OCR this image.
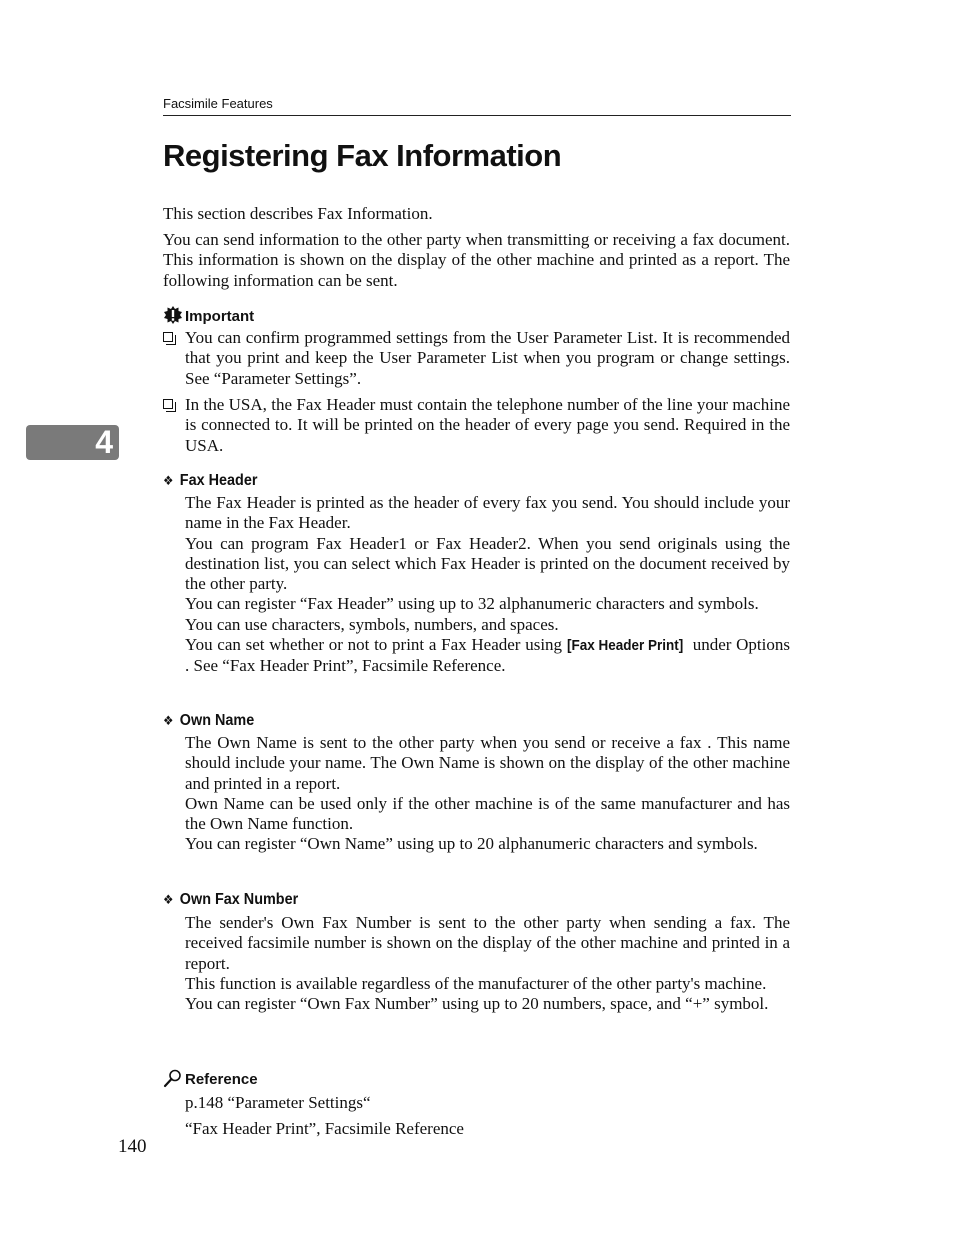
Facsimile Features
Registering Fax Information

This section describes Fax Information.

You can send information to the other party when transmitting or receiving a fax document. This information is shown on the display of the other machine and printed as a report. The following information can be sent.

Important
You can confirm programmed settings from the User Parameter List. It is recommended that you print and keep the User Parameter List when you program or change settings. See “Parameter Settings”.
In the USA, the Fax Header must contain the telephone number of the line your machine is connected to. It will be printed on the header of every page you send. Required in the USA.
4
❖ Fax Header

The Fax Header is printed as the header of every fax you send. You should include your name in the Fax Header.

You can program Fax Header1 or Fax Header2. When you send originals using the destination list, you can select which Fax Header is printed on the document received by the other party.

You can register “Fax Header” using up to 32 alphanumeric characters and symbols.

You can use characters, symbols, numbers, and spaces.

You can set whether or not to print a Fax Header using [Fax Header Print] under Options . See “Fax Header Print”, Facsimile Reference.

❖ Own Name

The Own Name is sent to the other party when you send or receive a fax . This name should include your name. The Own Name is shown on the display of the other machine and printed in a report.

Own Name can be used only if the other machine is of the same manufacturer and has the Own Name function.

You can register “Own Name” using up to 20 alphanumeric characters and symbols.

❖ Own Fax Number

The sender's Own Fax Number is sent to the other party when sending a fax. The received facsimile number is shown on the display of the other machine and printed in a report.

This function is available regardless of the manufacturer of the other party's machine.

You can register “Own Fax Number” using up to 20 numbers, space, and “+” symbol.

Reference
p.148 “Parameter Settings“
“Fax Header Print”, Facsimile Reference
140
